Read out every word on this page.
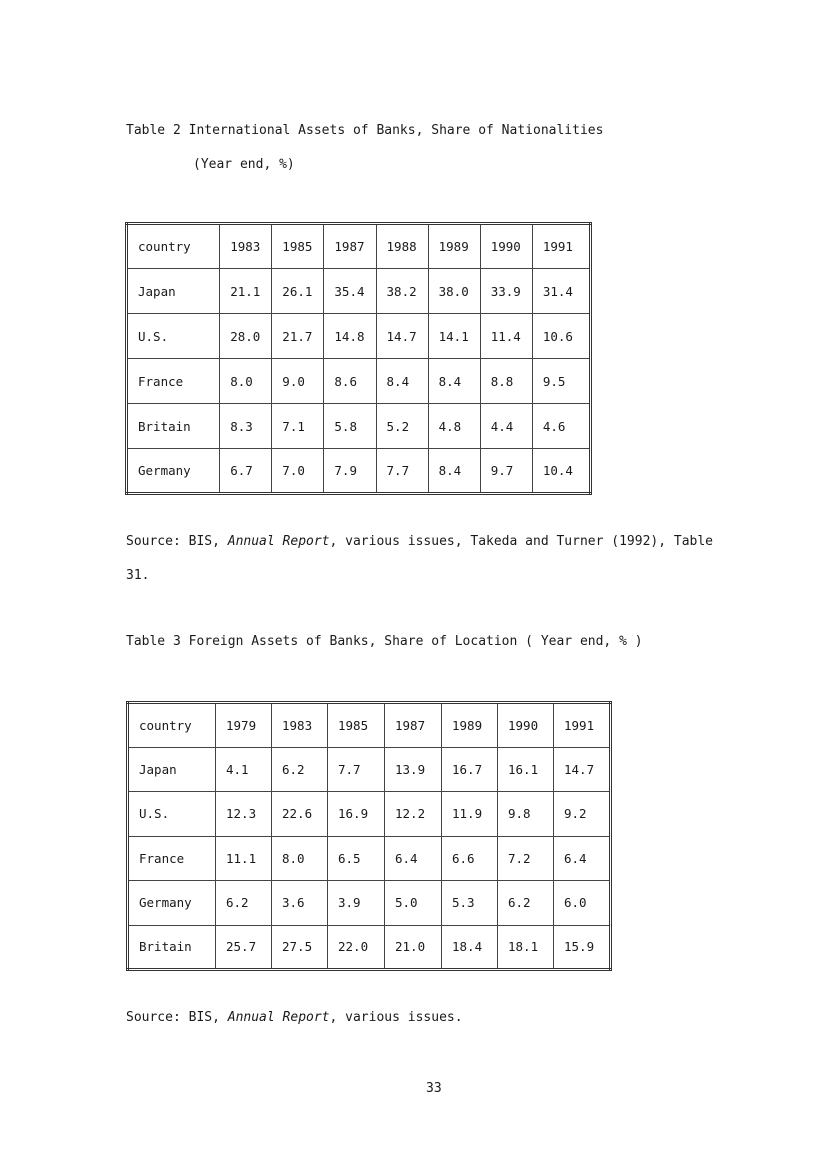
Table 2 International Assets of Banks, Share of Nationalities
(Year end, %)
country	1983	1985	1987	1988	1989	1990	1991
Japan	21.1	26.1	35.4	38.2	38.0	33.9	31.4
U.S.	28.0	21.7	14.8	14.7	14.1	11.4	10.6
France	8.0	9.0	8.6	8.4	8.4	8.8	9.5
Britain	8.3	7.1	5.8	5.2	4.8	4.4	4.6
Germany	6.7	7.0	7.9	7.7	8.4	9.7	10.4
Source: BIS, Annual Report, various issues, Takeda and Turner (1992), Table
31.
Table 3 Foreign Assets of Banks, Share of Location ( Year end, % )
country	1979	1983	1985	1987	1989	1990	1991
Japan	4.1	6.2	7.7	13.9	16.7	16.1	14.7
U.S.	12.3	22.6	16.9	12.2	11.9	9.8	9.2
France	11.1	8.0	6.5	6.4	6.6	7.2	6.4
Germany	6.2	3.6	3.9	5.0	5.3	6.2	6.0
Britain	25.7	27.5	22.0	21.0	18.4	18.1	15.9
Source: BIS, Annual Report, various issues.
33
